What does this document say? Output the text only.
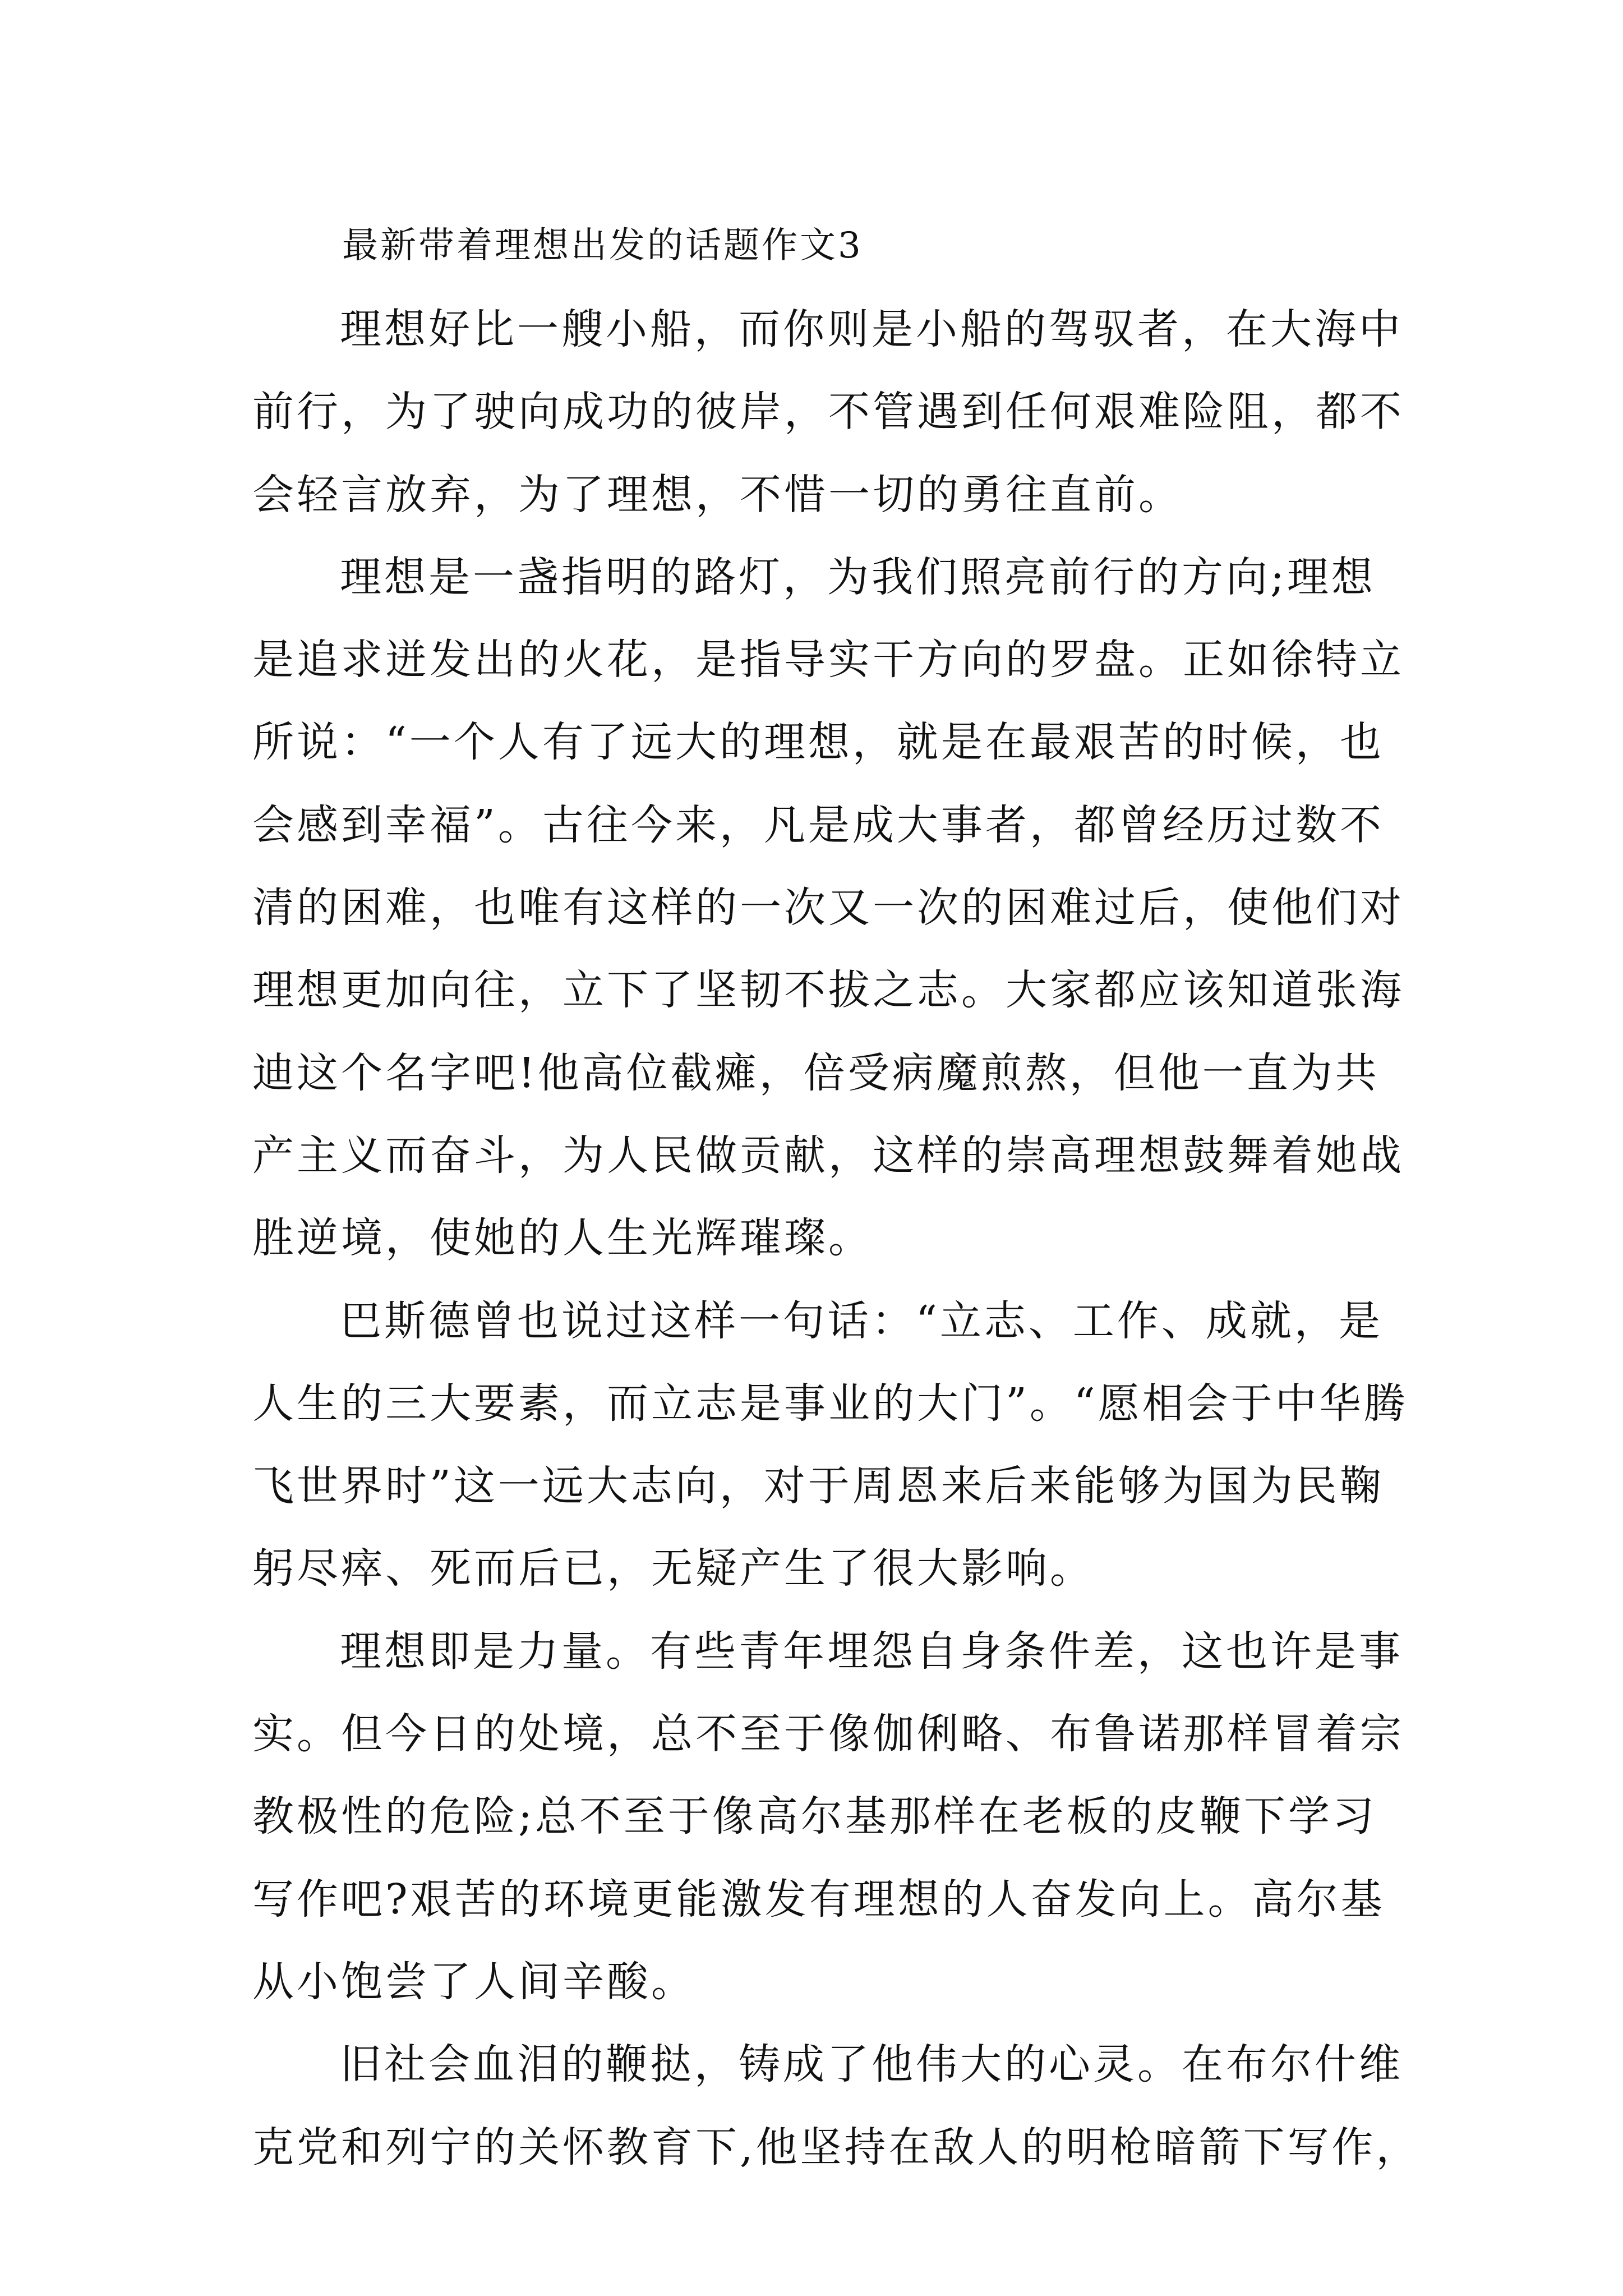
最新带着理想出发的话题作文3
理想好比一艘小船，而你则是小船的驾驭者，在大海中
前行，为了驶向成功的彼岸，不管遇到任何艰难险阻，都不
会轻言放弃，为了理想，不惜一切的勇往直前。
理想是一盏指明的路灯，为我们照亮前行的方向;理想
是追求迸发出的火花，是指导实干方向的罗盘。正如徐特立
所说：“一个人有了远大的理想，就是在最艰苦的时候，也
会感到幸福”。古往今来，凡是成大事者，都曾经历过数不
清的困难，也唯有这样的一次又一次的困难过后，使他们对
理想更加向往，立下了坚韧不拔之志。大家都应该知道张海
迪这个名字吧!他高位截瘫，倍受病魔煎熬，但他一直为共
产主义而奋斗，为人民做贡献，这样的崇高理想鼓舞着她战
胜逆境，使她的人生光辉璀璨。
巴斯德曾也说过这样一句话：“立志、工作、成就，是
人生的三大要素，而立志是事业的大门”。“愿相会于中华腾
飞世界时”这一远大志向，对于周恩来后来能够为国为民鞠
躬尽瘁、死而后已，无疑产生了很大影响。
理想即是力量。有些青年埋怨自身条件差，这也许是事
实。但今日的处境，总不至于像伽俐略、布鲁诺那样冒着宗
教极性的危险;总不至于像高尔基那样在老板的皮鞭下学习
写作吧?艰苦的环境更能激发有理想的人奋发向上。高尔基
从小饱尝了人间辛酸。
旧社会血泪的鞭挞，铸成了他伟大的心灵。在布尔什维
克党和列宁的关怀教育下,他坚持在敌人的明枪暗箭下写作，
